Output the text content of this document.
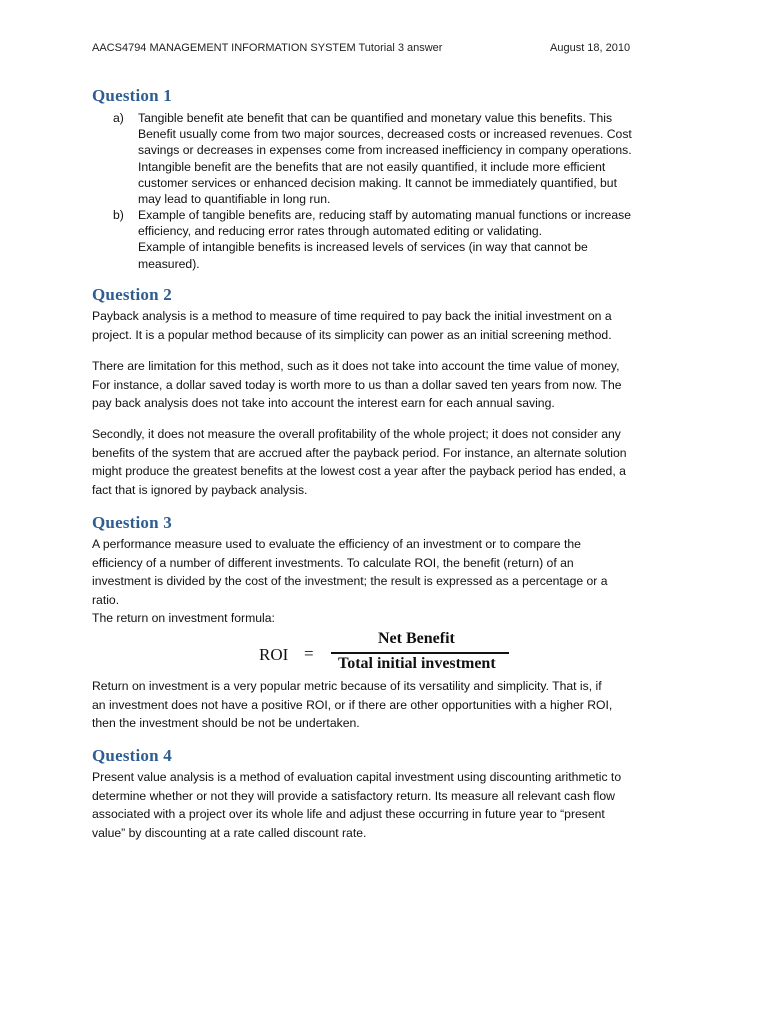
AACS4794 MANAGEMENT INFORMATION SYSTEM Tutorial 3 answer	August 18, 2010
Question 1
a) Tangible benefit ate benefit that can be quantified and monetary value this benefits. This

Benefit usually come from two major sources, decreased costs or increased revenues. Cost

savings or decreases in expenses come from increased inefficiency in company operations.

Intangible benefit are the benefits that are not easily quantified, it include more efficient

customer services or enhanced decision making. It cannot be immediately quantified, but

may lead to quantifiable in long run.

b) Example of tangible benefits are, reducing staff by automating manual functions or increase

efficiency, and reducing error rates through automated editing or validating.

Example of intangible benefits is increased levels of services (in way that cannot be

measured).

Question 2

Payback analysis is a method to measure of time required to pay back the initial investment on a

project. It is a popular method because of its simplicity can power as an initial screening method.

There are limitation for this method, such as it does not take into account the time value of money,

For instance, a dollar saved today is worth more to us than a dollar saved ten years from now. The

pay back analysis does not take into account the interest earn for each annual saving.

Secondly, it does not measure the overall profitability of the whole project; it does not consider any

benefits of the system that are accrued after the payback period. For instance, an alternate solution

might produce the greatest benefits at the lowest cost a year after the payback period has ended, a

fact that is ignored by payback analysis.

Question 3

A performance measure used to evaluate the efficiency of an investment or to compare the

efficiency of a number of different investments. To calculate ROI, the benefit (return) of an

investment is divided by the cost of the investment; the result is expressed as a percentage or a

ratio.

The return on investment formula:

ROI =
Net Benefit
Total initial investment

Return on investment is a very popular metric because of its versatility and simplicity. That is, if

an investment does not have a positive ROI, or if there are other opportunities with a higher ROI,

then the investment should be not be undertaken.

Question 4

Present value analysis is a method of evaluation capital investment using discounting arithmetic to

determine whether or not they will provide a satisfactory return. Its measure all relevant cash flow

associated with a project over its whole life and adjust these occurring in future year to “present

value” by discounting at a rate called discount rate.
